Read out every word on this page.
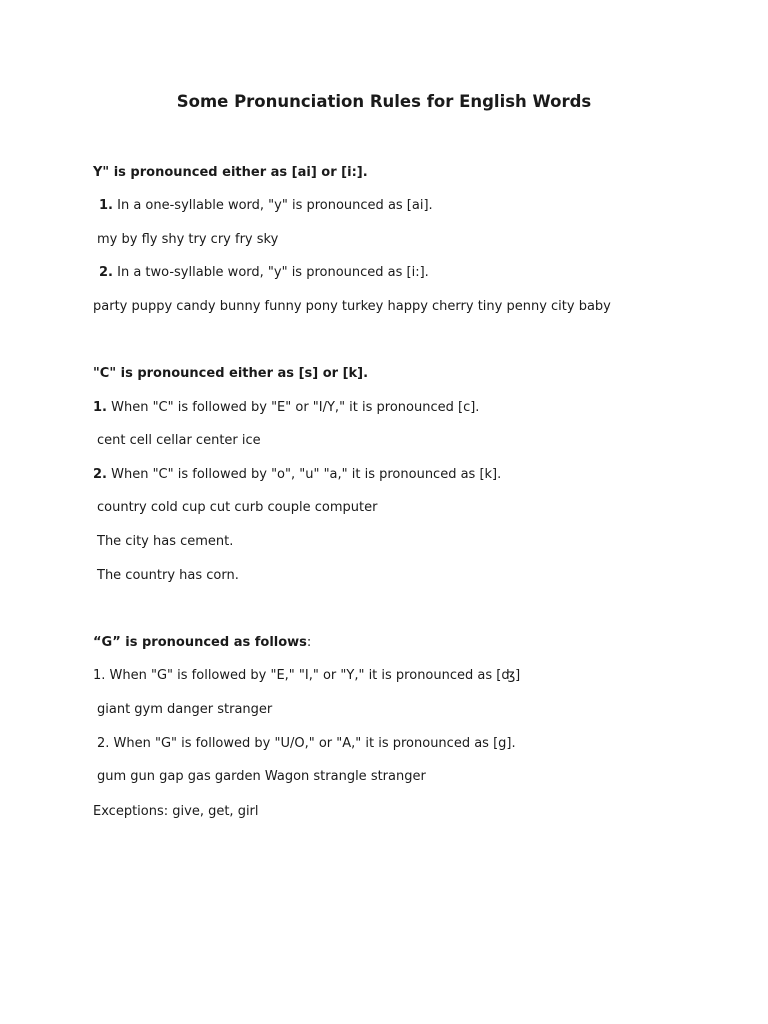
Some Pronunciation Rules for English Words
Y" is pronounced either as [ai] or [i:].
1. In a one-syllable word, "y" is pronounced as [ai].
my by fly shy try cry fry sky
2. In a two-syllable word, "y" is pronounced as [i:].
party puppy candy bunny funny pony turkey happy cherry tiny penny city baby
"C" is pronounced either as [s] or [k].
1. When "C" is followed by "E" or "I/Y," it is pronounced [c].
cent cell cellar center ice
2. When "C" is followed by "o", "u" "a," it is pronounced as [k].
country cold cup cut curb couple computer
The city has cement.
The country has corn.
“G” is pronounced as follows:
1. When "G" is followed by "E," "I," or "Y," it is pronounced as [ʤ]
giant gym danger stranger
2. When "G" is followed by "U/O," or "A," it is pronounced as [g].
gum gun gap gas garden Wagon strangle stranger
Exceptions: give, get, girl
